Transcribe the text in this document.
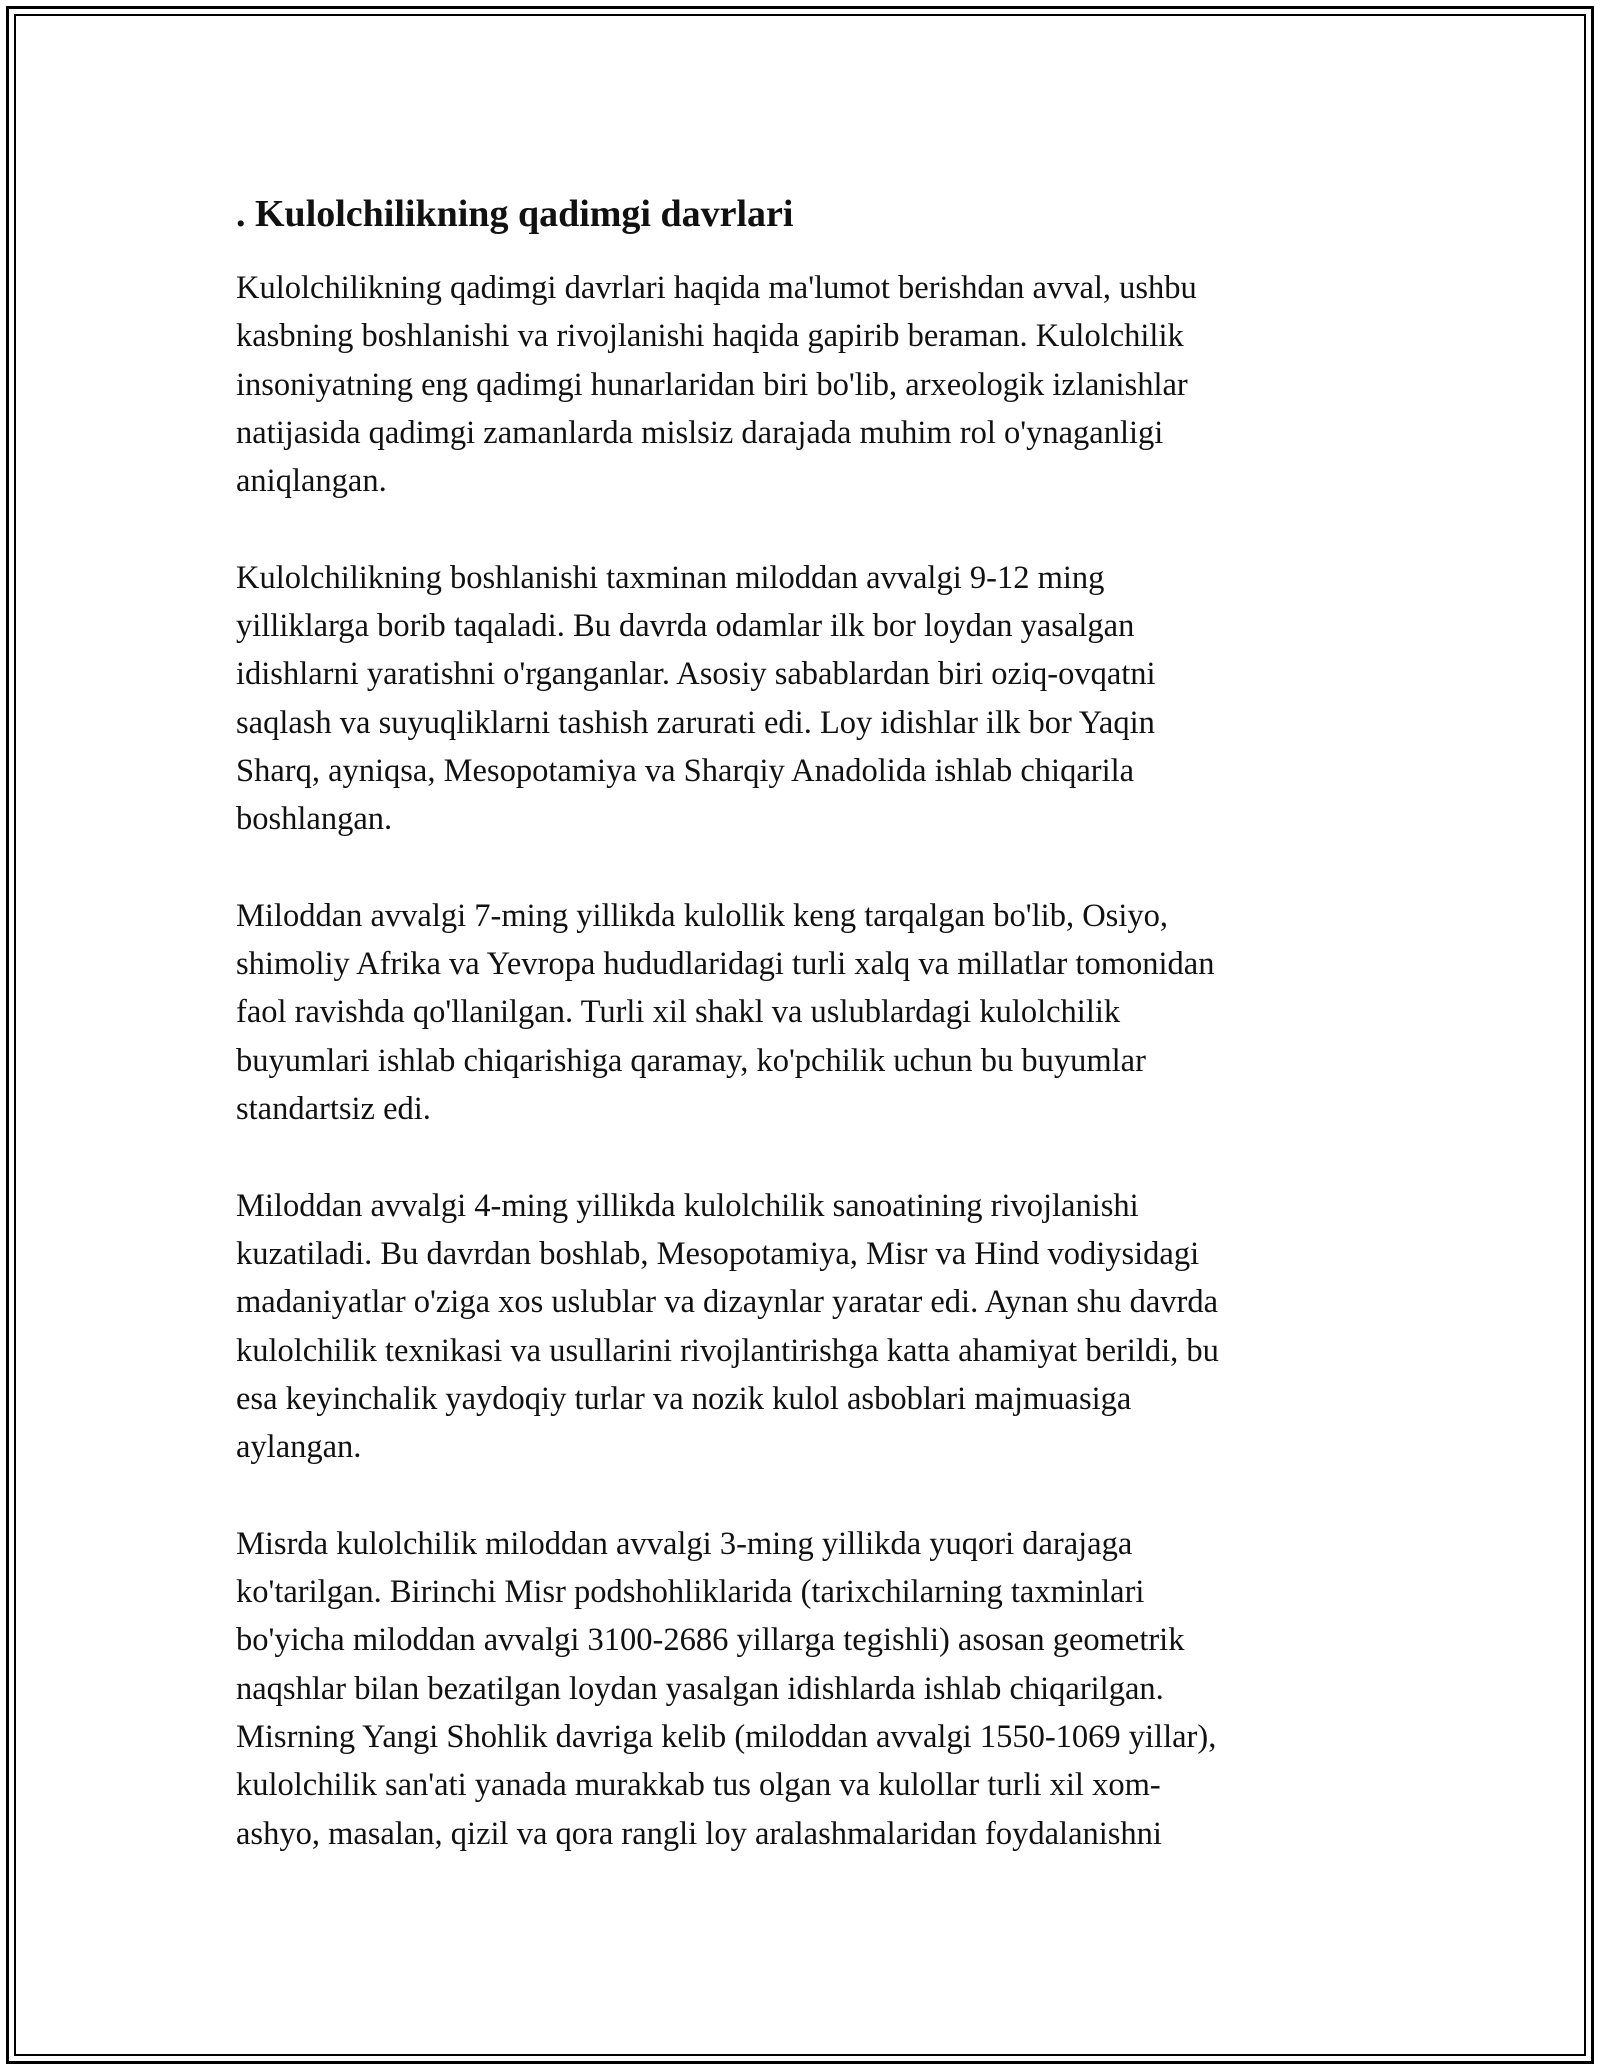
. Kulolchilikning qadimgi davrlari

Kulolchilikning qadimgi davrlari haqida ma'lumot berishdan avval, ushbu
kasbning boshlanishi va rivojlanishi haqida gapirib beraman. Kulolchilik
insoniyatning eng qadimgi hunarlaridan biri bo'lib, arxeologik izlanishlar
natijasida qadimgi zamanlarda mislsiz darajada muhim rol o'ynaganligi
aniqlangan.

Kulolchilikning boshlanishi taxminan miloddan avvalgi 9-12 ming
yilliklarga borib taqaladi. Bu davrda odamlar ilk bor loydan yasalgan
idishlarni yaratishni o'rganganlar. Asosiy sabablardan biri oziq-ovqatni
saqlash va suyuqliklarni tashish zarurati edi. Loy idishlar ilk bor Yaqin
Sharq, ayniqsa, Mesopotamiya va Sharqiy Anadolida ishlab chiqarila
boshlangan.

Miloddan avvalgi 7-ming yillikda kulollik keng tarqalgan bo'lib, Osiyo,
shimoliy Afrika va Yevropa hududlaridagi turli xalq va millatlar tomonidan
faol ravishda qo'llanilgan. Turli xil shakl va uslublardagi kulolchilik
buyumlari ishlab chiqarishiga qaramay, ko'pchilik uchun bu buyumlar
standartsiz edi.

Miloddan avvalgi 4-ming yillikda kulolchilik sanoatining rivojlanishi
kuzatiladi. Bu davrdan boshlab, Mesopotamiya, Misr va Hind vodiysidagi
madaniyatlar o'ziga xos uslublar va dizaynlar yaratar edi. Aynan shu davrda
kulolchilik texnikasi va usullarini rivojlantirishga katta ahamiyat berildi, bu
esa keyinchalik yaydoqiy turlar va nozik kulol asboblari majmuasiga
aylangan.

Misrda kulolchilik miloddan avvalgi 3-ming yillikda yuqori darajaga
ko'tarilgan. Birinchi Misr podshohliklarida (tarixchilarning taxminlari
bo'yicha miloddan avvalgi 3100-2686 yillarga tegishli) asosan geometrik
naqshlar bilan bezatilgan loydan yasalgan idishlarda ishlab chiqarilgan.
Misrning Yangi Shohlik davriga kelib (miloddan avvalgi 1550-1069 yillar),
kulolchilik san'ati yanada murakkab tus olgan va kulollar turli xil xom-
ashyo, masalan, qizil va qora rangli loy aralashmalaridan foydalanishni
